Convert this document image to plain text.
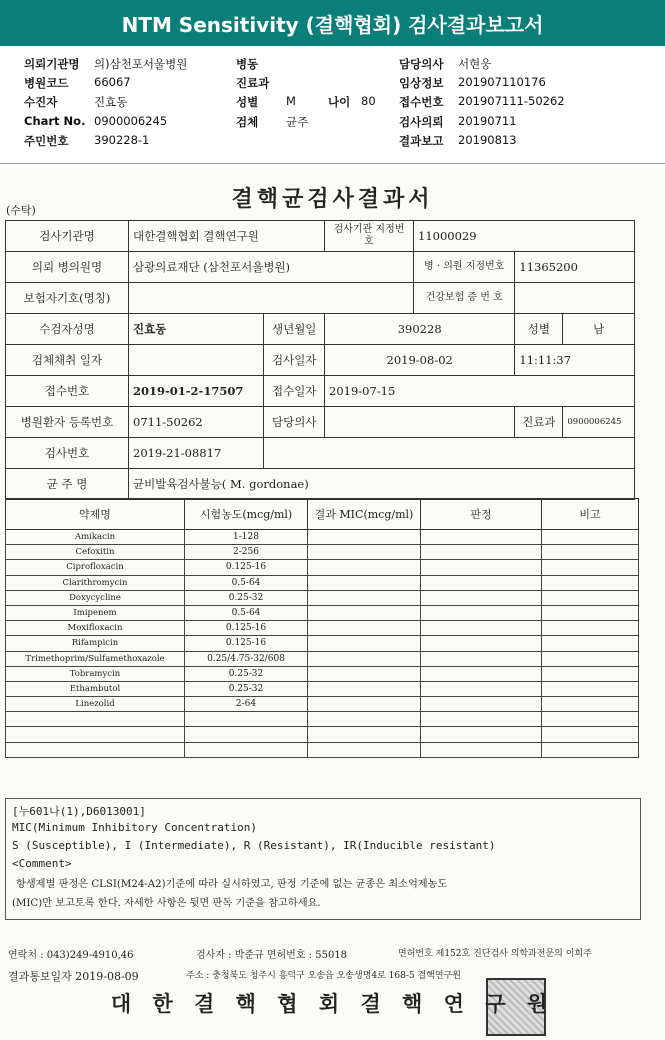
NTM Sensitivity (결핵협회) 검사결과보고서
의뢰기관명 의)삼천포서울병원
병원코드 66067
수진자	진효동
Chart No. 0900006245
주민번호 390228-1
병동
진료과
성별 M	나이 80
검체 균주
담당의사 서현웅
임상정보 201907110176
접수번호 201907111-50262
검사의뢰 20190711
결과보고 20190813
결핵균검사결과서
(수탁)
검사기관명	대한결핵협회 결핵연구원		검사기관 지정번호	11000029		
의뢰 병의원명	삼광의료재단 (삼천포서울병원)			병 · 의원 지정번호	11365200	
보험자기호(명칭)				건강보험 증 번 호		
수검자성명	진효동	생년월일	390228		성별	남
검체채취 일자		검사일자	2019-08-02		11:11:37	
접수번호	2019-01-2-17507	접수일자	2019-07-15			
병원환자 등록번호	0711-50262	담당의사			진료과	0900006245
검사번호	2019-21-08817					
균 주 명	균비발육검사불능( M. gordonae)					
약제명	시험농도(mcg/ml)	결과 MIC(mcg/ml)	판정	비고
Amikacin	1-128			
Cefoxitin	2-256			
Ciprofloxacin	0.125-16			
Clarithromycin	0.5-64			
Doxycycline	0.25-32			
Imipenem	0.5-64			
Moxifloxacin	0.125-16			
Rifampicin	0.125-16			
Trimethoprim/Sulfamethoxazole	0.25/4.75-32/608			
Tobramycin	0.25-32			
Ethambutol	0.25-32			
Linezolid	2-64			

[누601나(1),D6013001]
MIC(Minimum Inhibitory Concentration)
S (Susceptible), I (Intermediate), R (Resistant), IR(Inducible resistant)
<Comment>
항생제별 판정은 CLSI(M24-A2)기준에 따라 실시하였고, 판정 기준에 없는 균종은 최소억제농도
(MIC)만 보고토록 한다. 자세한 사항은 뒷면 판독 기준을 참고하세요.
연락처 : 043)249-4910,46	검사자 : 박준규 면허번호 : 55018	면허번호 제152호 진단검사 의학과전문의 이희주
결과통보일자 2019-08-09	주소 : 충청북도 청주시 흥덕구 오송읍 오송생명4로 168-5 결핵연구원
대 한 결 핵 협 회 결 핵 연 구 원
